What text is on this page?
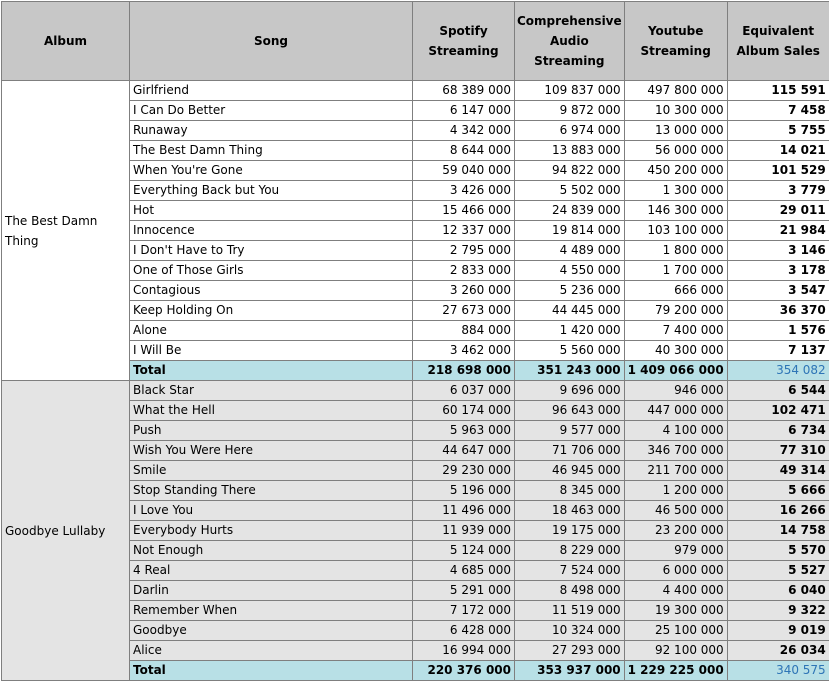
Album	Song	Spotify Streaming	Comprehensive Audio Streaming	Youtube Streaming	Equivalent Album Sales
The Best Damn Thing	Girlfriend	68 389 000	109 837 000	497 800 000	115 591
	I Can Do Better	6 147 000	9 872 000	10 300 000	7 458
	Runaway	4 342 000	6 974 000	13 000 000	5 755
	The Best Damn Thing	8 644 000	13 883 000	56 000 000	14 021
	When You're Gone	59 040 000	94 822 000	450 200 000	101 529
	Everything Back but You	3 426 000	5 502 000	1 300 000	3 779
	Hot	15 466 000	24 839 000	146 300 000	29 011
	Innocence	12 337 000	19 814 000	103 100 000	21 984
	I Don't Have to Try	2 795 000	4 489 000	1 800 000	3 146
	One of Those Girls	2 833 000	4 550 000	1 700 000	3 178
	Contagious	3 260 000	5 236 000	666 000	3 547
	Keep Holding On	27 673 000	44 445 000	79 200 000	36 370
	Alone	884 000	1 420 000	7 400 000	1 576
	I Will Be	3 462 000	5 560 000	40 300 000	7 137
	Total	218 698 000	351 243 000	1 409 066 000	354 082
Goodbye Lullaby	Black Star	6 037 000	9 696 000	946 000	6 544
	What the Hell	60 174 000	96 643 000	447 000 000	102 471
	Push	5 963 000	9 577 000	4 100 000	6 734
	Wish You Were Here	44 647 000	71 706 000	346 700 000	77 310
	Smile	29 230 000	46 945 000	211 700 000	49 314
	Stop Standing There	5 196 000	8 345 000	1 200 000	5 666
	I Love You	11 496 000	18 463 000	46 500 000	16 266
	Everybody Hurts	11 939 000	19 175 000	23 200 000	14 758
	Not Enough	5 124 000	8 229 000	979 000	5 570
	4 Real	4 685 000	7 524 000	6 000 000	5 527
	Darlin	5 291 000	8 498 000	4 400 000	6 040
	Remember When	7 172 000	11 519 000	19 300 000	9 322
	Goodbye	6 428 000	10 324 000	25 100 000	9 019
	Alice	16 994 000	27 293 000	92 100 000	26 034
	Total	220 376 000	353 937 000	1 229 225 000	340 575
